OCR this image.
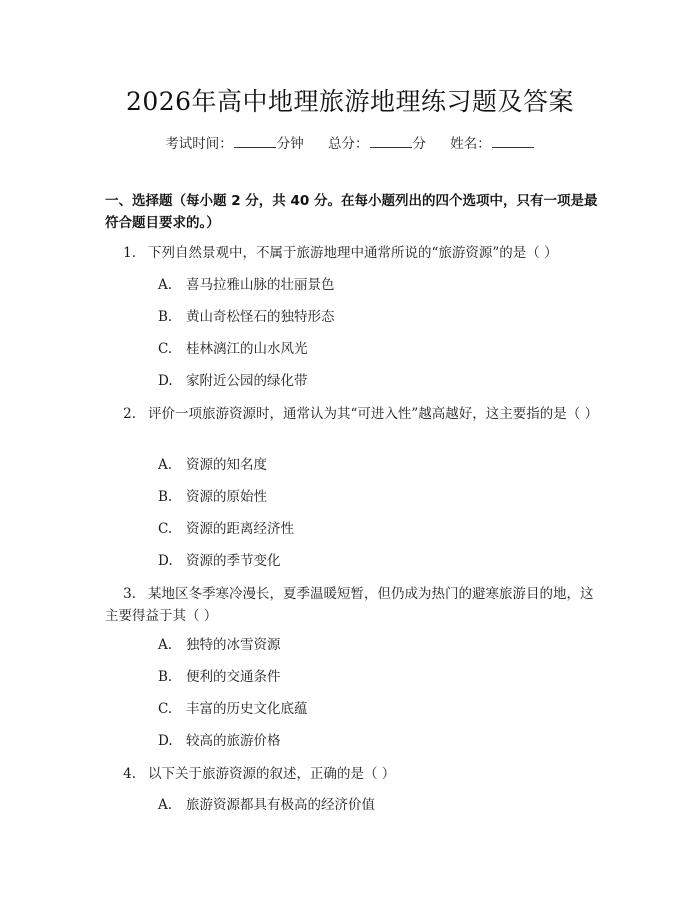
2026年高中地理旅游地理练习题及答案
考试时间：	分钟 总分：	分 姓名：
一、选择题（每小题 2 分，共 40 分。在每小题列出的四个选项中，只有一项是最符合题目要求的。）
1. 下列自然景观中，不属于旅游地理中通常所说的“旅游资源”的是（ ）
A. 喜马拉雅山脉的壮丽景色
B. 黄山奇松怪石的独特形态
C. 桂林漓江的山水风光
D. 家附近公园的绿化带
2. 评价一项旅游资源时，通常认为其“可进入性”越高越好，这主要指的是（ ）
A. 资源的知名度
B. 资源的原始性
C. 资源的距离经济性
D. 资源的季节变化
3. 某地区冬季寒冷漫长，夏季温暖短暂，但仍成为热门的避寒旅游目的地，这主要得益于其（ ）
A. 独特的冰雪资源
B. 便利的交通条件
C. 丰富的历史文化底蕴
D. 较高的旅游价格
4. 以下关于旅游资源的叙述，正确的是（ ）
A. 旅游资源都具有极高的经济价值
